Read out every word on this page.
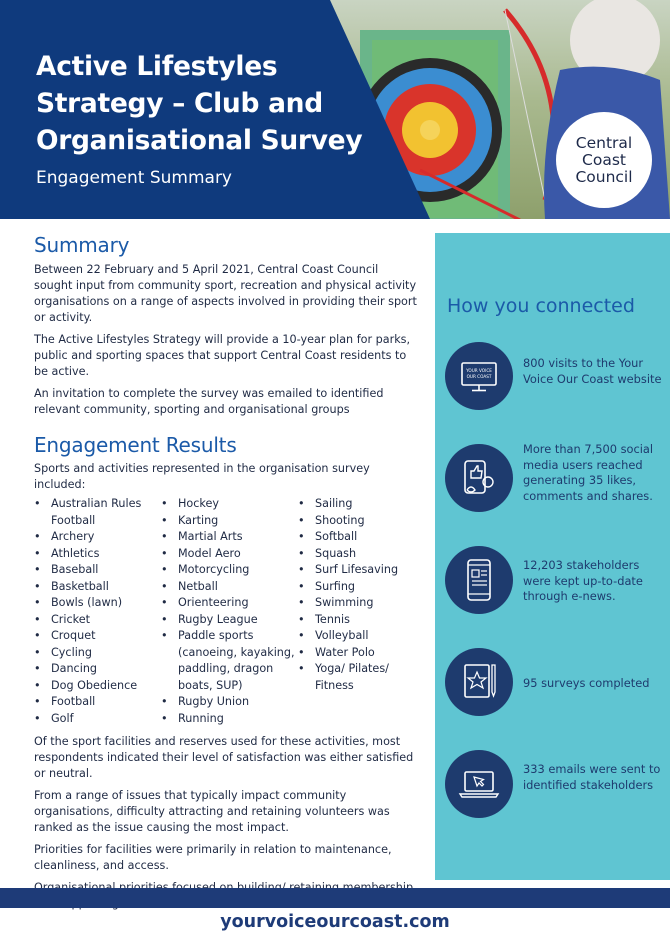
Active Lifestyles
Strategy – Club and
Organisational Survey
Engagement Summary
Central
Coast
Council
Summary

Between 22 February and 5 April 2021, Central Coast Council sought input from community sport, recreation and physical activity organisations on a range of aspects involved in providing their sport or activity.

The Active Lifestyles Strategy will provide a 10-year plan for parks, public and sporting spaces that support Central Coast residents to be active.

An invitation to complete the survey was emailed to identified relevant community, sporting and organisational groups

Engagement Results

Sports and activities represented in the organisation survey included:

• Australian Rules Football
• Archery
• Athletics
• Baseball
• Basketball
• Bowls (lawn)
• Cricket
• Croquet
• Cycling
• Dancing
• Dog Obedience
• Football
• Golf
• Hockey
• Karting
• Martial Arts
• Model Aero
• Motorcycling
• Netball
• Orienteering
• Rugby League
• Paddle sports (canoeing, kayaking, paddling, dragon boats, SUP)
• Rugby Union
• Running
• Sailing
• Shooting
• Softball
• Squash
• Surf Lifesaving
• Surfing
• Swimming
• Tennis
• Volleyball
• Water Polo
• Yoga/ Pilates/ Fitness

Of the sport facilities and reserves used for these activities, most respondents indicated their level of satisfaction was either satisfied or neutral.

From a range of issues that typically impact community organisations, difficulty attracting and retaining volunteers was ranked as the issue causing the most impact.

Priorities for facilities were primarily in relation to maintenance, cleanliness, and access.

How you connected
YOUR VOICE
OUR COAST
800 visits to the Your Voice Our Coast website
More than 7,500 social media users reached generating 35 likes, comments and shares.
12,203 stakeholders were kept up-to-date through e-news.
95 surveys completed
333 emails were sent to identified stakeholders
yourvoiceourcoast.com
